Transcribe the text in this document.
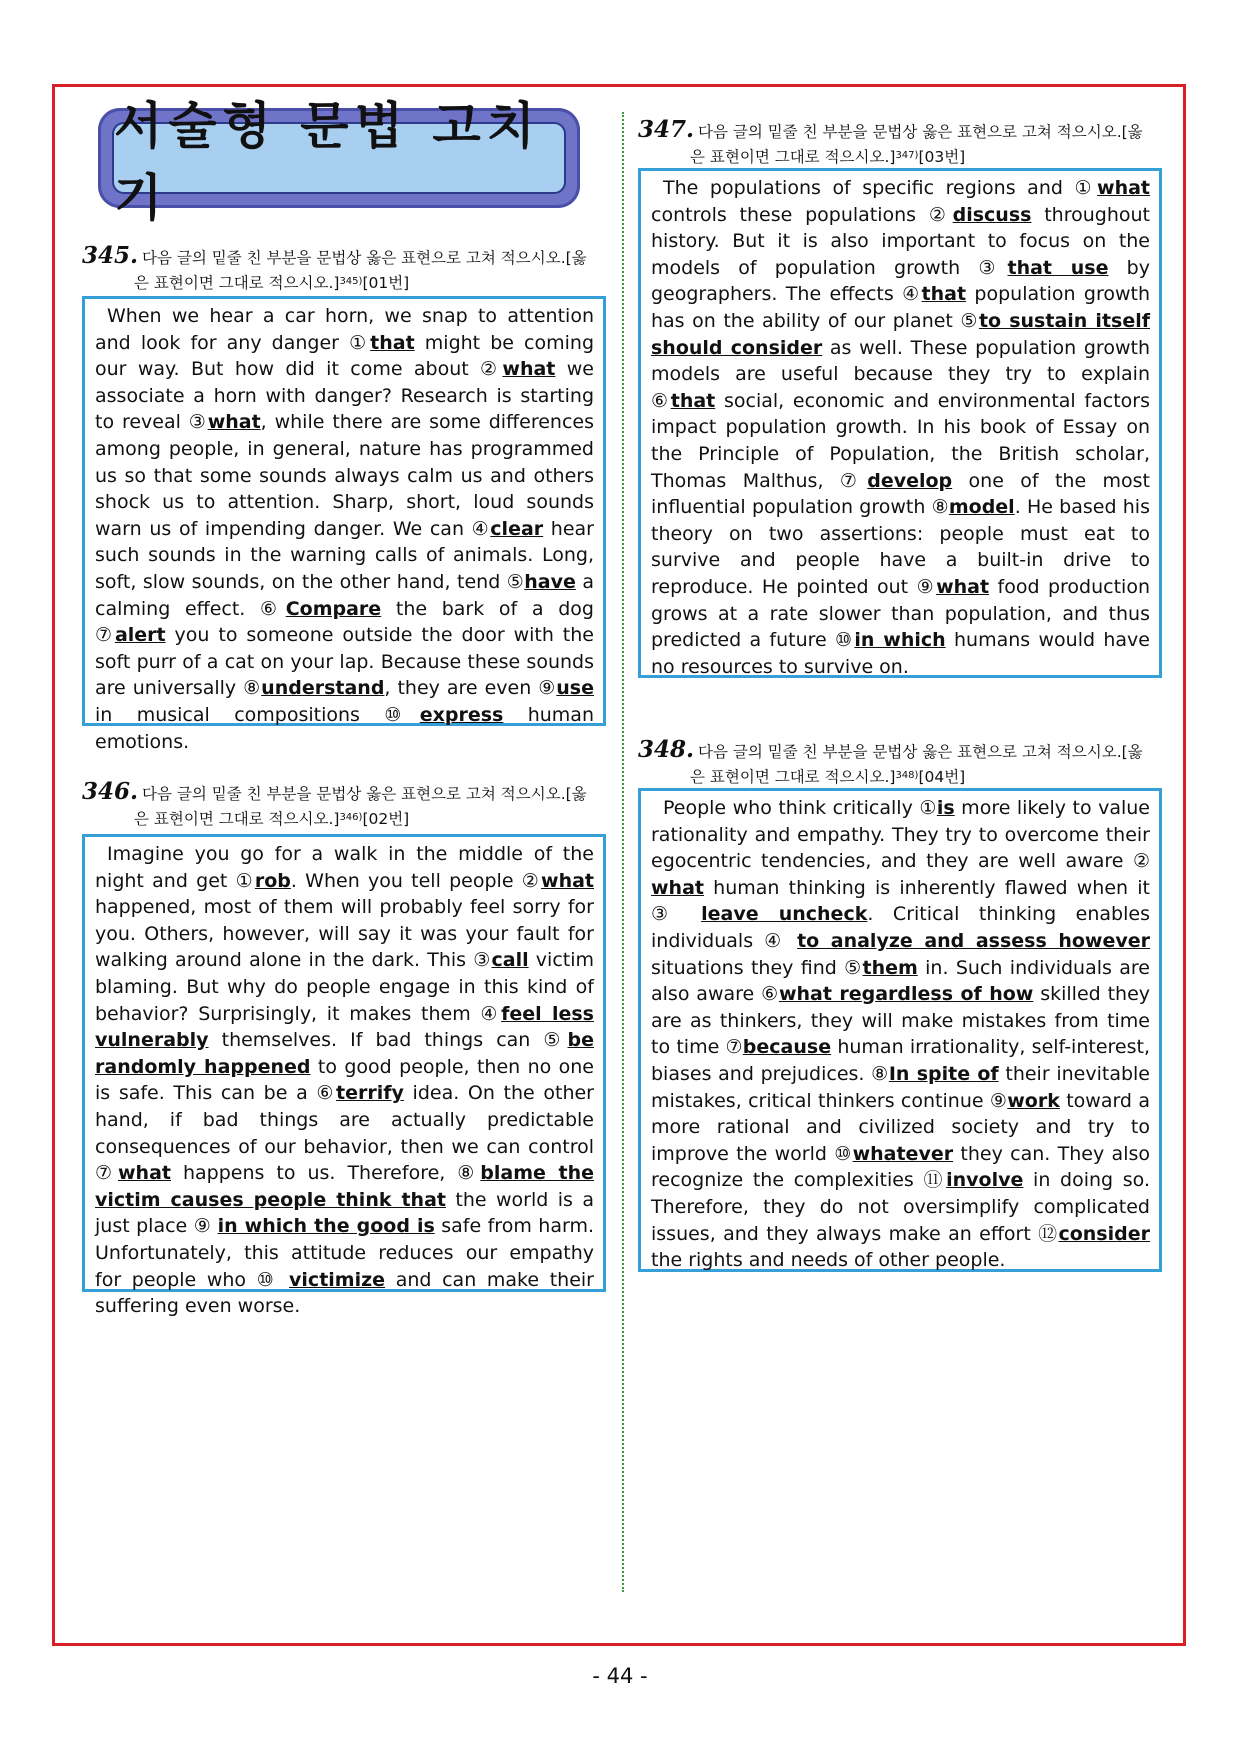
서술형 문법 고치기
345. 다음 글의 밑줄 친 부분을 문법상 옳은 표현으로 고쳐 적으시오.[옳
은 표현이면 그대로 적으시오.]$^{345)}$[01번]
When we hear a car horn, we snap to attention and look for any danger ①that might be coming our way. But how did it come about ②what we associate a horn with danger? Research is starting to reveal ③what, while there are some differences among people, in general, nature has programmed us so that some sounds always calm us and others shock us to attention. Sharp, short, loud sounds warn us of impending danger. We can ④clear hear such sounds in the warning calls of animals. Long, soft, slow sounds, on the other hand, tend ⑤have a calming effect. ⑥Compare the bark of a dog ⑦alert you to someone outside the door with the soft purr of a cat on your lap. Because these sounds are universally ⑧understand, they are even ⑨use in musical compositions ⑩express human emotions.
346. 다음 글의 밑줄 친 부분을 문법상 옳은 표현으로 고쳐 적으시오.[옳
은 표현이면 그대로 적으시오.]$^{346)}$[02번]
Imagine you go for a walk in the middle of the night and get ①rob. When you tell people ②what happened, most of them will probably feel sorry for you. Others, however, will say it was your fault for walking around alone in the dark. This ③call victim blaming. But why do people engage in this kind of behavior? Surprisingly, it makes them ④feel less vulnerably themselves. If bad things can ⑤be randomly happened to good people, then no one is safe. This can be a ⑥terrify idea. On the other hand, if bad things are actually predictable consequences of our behavior, then we can control ⑦what happens to us. Therefore, ⑧blame the victim causes people think that the world is a just place ⑨ in which the good is safe from harm. Unfortunately, this attitude reduces our empathy for people who ⑩ victimize and can make their suffering even worse.
347. 다음 글의 밑줄 친 부분을 문법상 옳은 표현으로 고쳐 적으시오.[옳
은 표현이면 그대로 적으시오.]$^{347)}$[03번]
The populations of specific regions and ①what controls these populations ②discuss throughout history. But it is also important to focus on the models of population growth ③that use by geographers. The effects ④that population growth has on the ability of our planet ⑤to sustain itself should consider as well. These population growth models are useful because they try to explain ⑥that social, economic and environmental factors impact population growth. In his book of Essay on the Principle of Population, the British scholar, Thomas Malthus, ⑦develop one of the most influential population growth ⑧model. He based his theory on two assertions: people must eat to survive and people have a built-in drive to reproduce. He pointed out ⑨what food production grows at a rate slower than population, and thus predicted a future ⑩in which humans would have no resources to survive on.
348. 다음 글의 밑줄 친 부분을 문법상 옳은 표현으로 고쳐 적으시오.[옳
은 표현이면 그대로 적으시오.]$^{348)}$[04번]
People who think critically ①is more likely to value rationality and empathy. They try to overcome their egocentric tendencies, and they are well aware ② what human thinking is inherently flawed when it ③ leave uncheck. Critical thinking enables individuals ④ to analyze and assess however situations they find ⑤them in. Such individuals are also aware ⑥what regardless of how skilled they are as thinkers, they will make mistakes from time to time ⑦because human irrationality, self-interest, biases and prejudices. ⑧In spite of their inevitable mistakes, critical thinkers continue ⑨work toward a more rational and civilized society and try to improve the world ⑩whatever they can. They also recognize the complexities ⑪involve in doing so. Therefore, they do not oversimplify complicated issues, and they always make an effort ⑫consider the rights and needs of other people.
- 44 -
